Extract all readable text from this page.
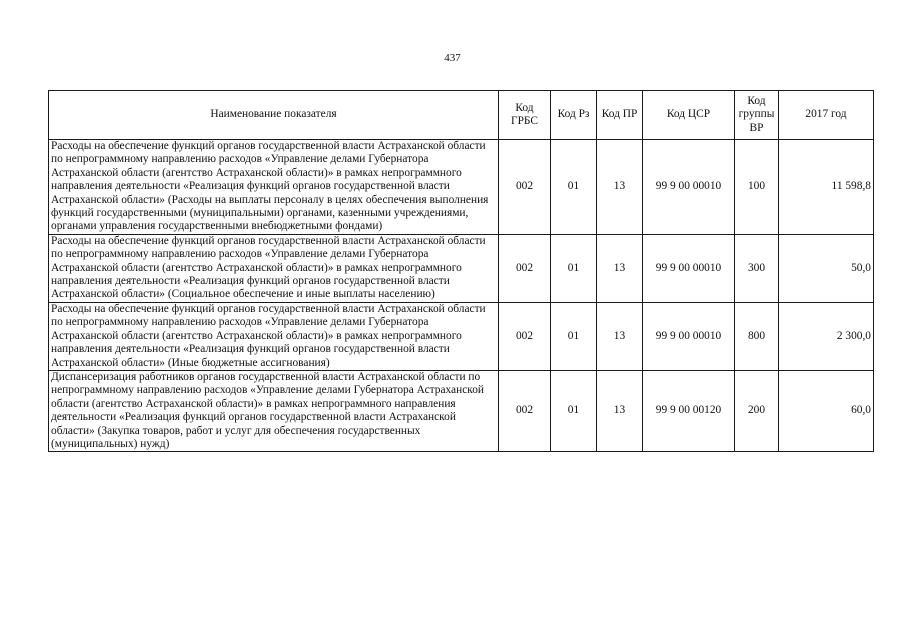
437
Наименование показателя	Код ГРБС	Код Рз	Код ПР	Код ЦСР	Код группы ВР	2017 год
Расходы на обеспечение функций органов государственной власти Астраханской области по непрограммному направлению расходов «Управление делами Губернатора Астраханской области (агентство Астраханской области)» в рамках непрограммного направления деятельности «Реализация функций органов государственной власти Астраханской области» (Расходы на выплаты персоналу в целях обеспечения выполнения функций государственными (муниципальными) органами, казенными учреждениями, органами управления государственными внебюджетными фондами)	002	01	13	99 9 00 00010	100	11 598,8
Расходы на обеспечение функций органов государственной власти Астраханской области по непрограммному направлению расходов «Управление делами Губернатора Астраханской области (агентство Астраханской области)» в рамках непрограммного направления деятельности «Реализация функций органов государственной власти Астраханской области» (Социальное обеспечение и иные выплаты населению)	002	01	13	99 9 00 00010	300	50,0
Расходы на обеспечение функций органов государственной власти Астраханской области по непрограммному направлению расходов «Управление делами Губернатора Астраханской области (агентство Астраханской области)» в рамках непрограммного направления деятельности «Реализация функций органов государственной власти Астраханской области» (Иные бюджетные ассигнования)	002	01	13	99 9 00 00010	800	2 300,0
Диспансеризация работников органов государственной власти Астраханской области по непрограммному направлению расходов «Управление делами Губернатора Астраханской области (агентство Астраханской области)» в рамках непрограммного направления деятельности «Реализация функций органов государственной власти Астраханской области» (Закупка товаров, работ и услуг для обеспечения государственных (муниципальных) нужд)	002	01	13	99 9 00 00120	200	60,0
